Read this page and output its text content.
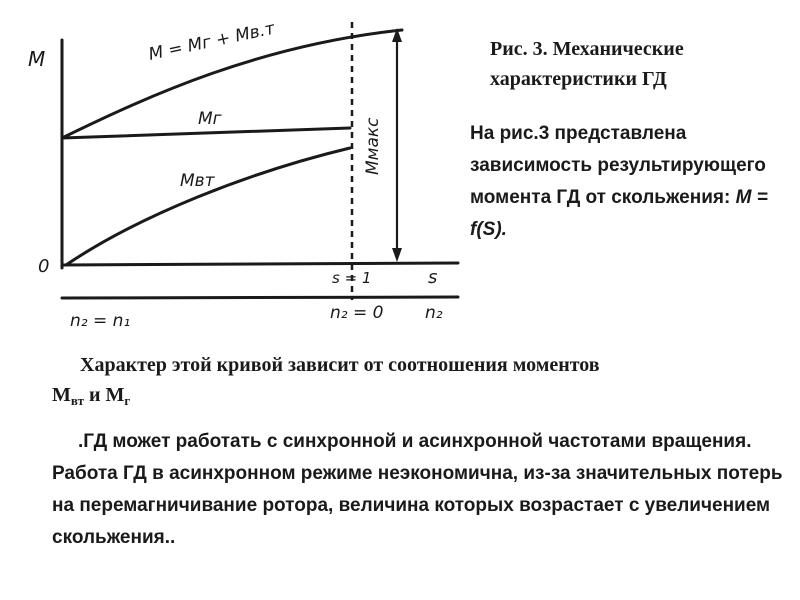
M
0
M = Mг + Mв.т
Mг
Mвт
Mмакс
s = 1	s
n₂ = n₁	n₂ = 0 n₂
Рис. 3. Механические
характеристики ГД
На рис.3 представлена зависимость результирующего момента ГД от скольжения: M = f(S).
Характер этой кривой зависит от соотношения моментов
$М_{вт}$ и $М_г$
.ГД может работать с синхронной и асинхронной частотами вращения. Работа ГД в асинхронном режиме неэкономична, из-за значительных потерь на перемагничивание ротора, величина которых возрастает с увеличением скольжения..
